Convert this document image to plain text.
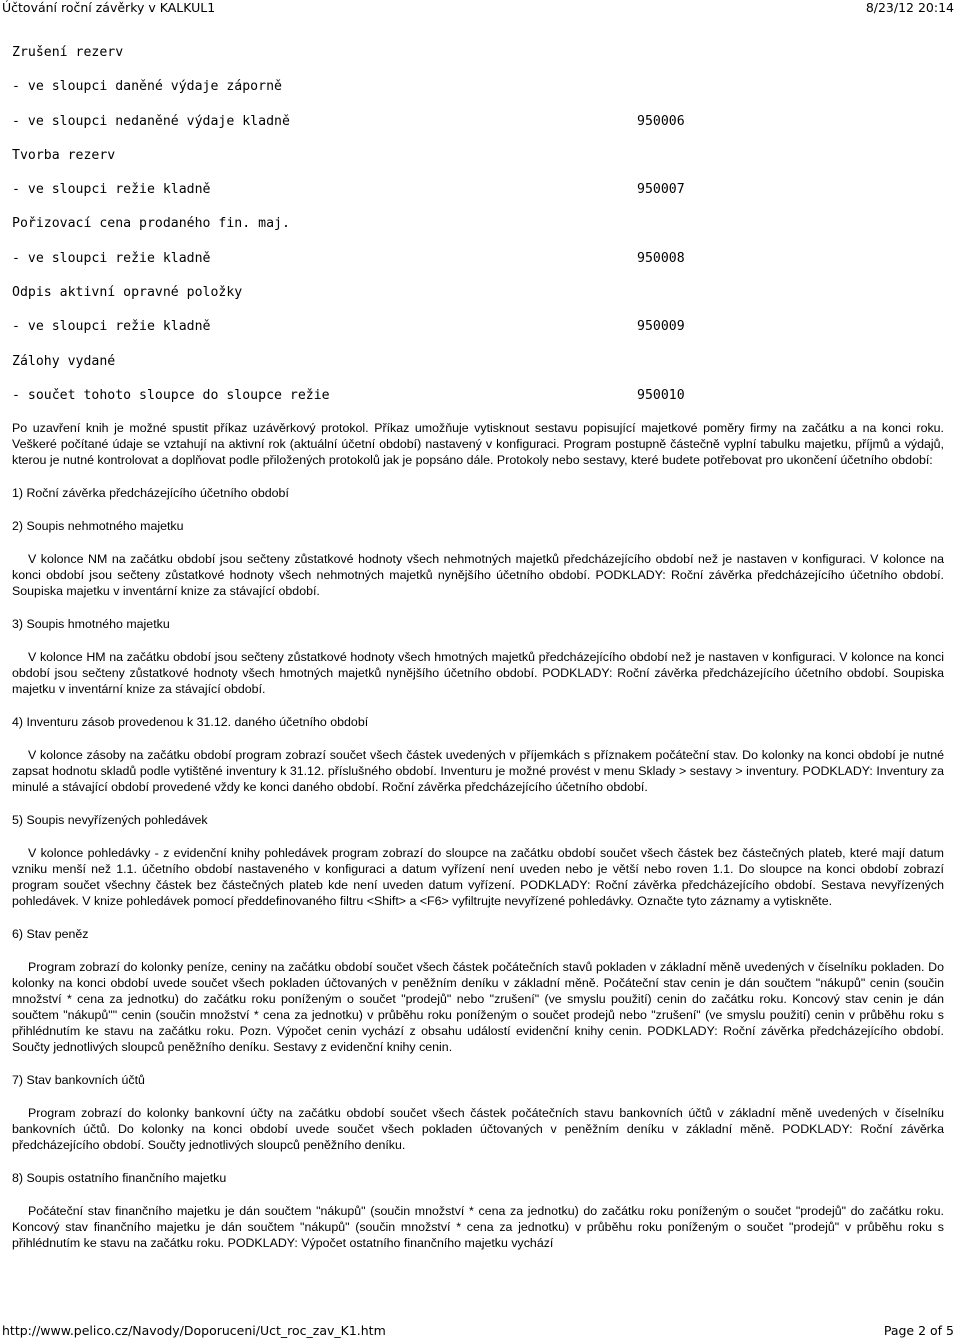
Účtování roční závěrky v KALKUL1	8/23/12 20:14
Zrušení rezerv
- ve sloupci daněné výdaje záporně
- ve sloupci nedaněné výdaje kladně	950006
Tvorba rezerv
- ve sloupci režie kladně	950007
Pořizovací cena prodaného fin. maj.
- ve sloupci režie kladně	950008
Odpis aktivní opravné položky
- ve sloupci režie kladně	950009
Zálohy vydané
- součet tohoto sloupce do sloupce režie	950010

Po uzavření knih je možné spustit příkaz uzávěrkový protokol. Příkaz umožňuje vytisknout sestavu popisující majetkové poměry firmy na začátku a na konci roku. Veškeré počítané údaje se vztahují na aktivní rok (aktuální účetní období) nastavený v konfiguraci. Program postupně částečně vyplní tabulku majetku, příjmů a výdajů, kterou je nutné kontrolovat a doplňovat podle přiložených protokolů jak je popsáno dále. Protokoly nebo sestavy, které budete potřebovat pro ukončení účetního období:

1) Roční závěrka předcházejícího účetního období

2) Soupis nehmotného majetku

V kolonce NM na začátku období jsou sečteny zůstatkové hodnoty všech nehmotných majetků předcházejícího období než je nastaven v konfiguraci. V kolonce na konci období jsou sečteny zůstatkové hodnoty všech nehmotných majetků nynějšího účetního období. PODKLADY: Roční závěrka předcházejícího účetního období. Soupiska majetku v inventární knize za stávající období.

3) Soupis hmotného majetku

V kolonce HM na začátku období jsou sečteny zůstatkové hodnoty všech hmotných majetků předcházejícího období než je nastaven v konfiguraci. V kolonce na konci období jsou sečteny zůstatkové hodnoty všech hmotných majetků nynějšího účetního období. PODKLADY: Roční závěrka předcházejícího účetního období. Soupiska majetku v inventární knize za stávající období.

4) Inventuru zásob provedenou k 31.12. daného účetního období

V kolonce zásoby na začátku období program zobrazí součet všech částek uvedených v příjemkách s příznakem počáteční stav. Do kolonky na konci období je nutné zapsat hodnotu skladů podle vytištěné inventury k 31.12. příslušného období. Inventuru je možné provést v menu Sklady > sestavy > inventury. PODKLADY: Inventury za minulé a stávající období provedené vždy ke konci daného období. Roční závěrka předcházejícího účetního období.

5) Soupis nevyřízených pohledávek

V kolonce pohledávky - z evidenční knihy pohledávek program zobrazí do sloupce na začátku období součet všech částek bez částečných plateb, které mají datum vzniku menší než 1.1. účetního období nastaveného v konfiguraci a datum vyřízení není uveden nebo je větší nebo roven 1.1. Do sloupce na konci období zobrazí program součet všechny částek bez částečných plateb kde není uveden datum vyřízení. PODKLADY: Roční závěrka předcházejícího období. Sestava nevyřízených pohledávek. V knize pohledávek pomocí předdefinovaného filtru <Shift> a <F6> vyfiltrujte nevyřízené pohledávky. Označte tyto záznamy a vytiskněte.

6) Stav peněz

Program zobrazí do kolonky peníze, ceniny na začátku období součet všech částek počátečních stavů pokladen v základní měně uvedených v číselníku pokladen. Do kolonky na konci období uvede součet všech pokladen účtovaných v peněžním deníku v základní měně. Počáteční stav cenin je dán součtem "nákupů" cenin (součin množství * cena za jednotku) do začátku roku poníženým o součet "prodejů" nebo "zrušení" (ve smyslu použití) cenin do začátku roku. Koncový stav cenin je dán součtem "nákupů"" cenin (součin množství * cena za jednotku) v průběhu roku poníženým o součet prodejů nebo "zrušení" (ve smyslu použití) cenin v průběhu roku s přihlédnutím ke stavu na začátku roku. Pozn. Výpočet cenin vychází z obsahu událostí evidenční knihy cenin. PODKLADY: Roční závěrka předcházejícího období. Součty jednotlivých sloupců peněžního deníku. Sestavy z evidenční knihy cenin.

7) Stav bankovních účtů

Program zobrazí do kolonky bankovní účty na začátku období součet všech částek počátečních stavu bankovních účtů v základní měně uvedených v číselníku bankovních účtů. Do kolonky na konci období uvede součet všech pokladen účtovaných v peněžním deníku v základní měně. PODKLADY: Roční závěrka předcházejícího období. Součty jednotlivých sloupců peněžního deníku.

8) Soupis ostatního finančního majetku

Počáteční stav finančního majetku je dán součtem "nákupů" (součin množství * cena za jednotku) do začátku roku poníženým o součet "prodejů" do začátku roku. Koncový stav finančního majetku je dán součtem "nákupů" (součin množství * cena za jednotku) v průběhu roku poníženým o součet "prodejů" v průběhu roku s přihlédnutím ke stavu na začátku roku. PODKLADY: Výpočet ostatního finančního majetku vychází

http://www.pelico.cz/Navody/Doporuceni/Uct_roc_zav_K1.htm	Page 2 of 5
